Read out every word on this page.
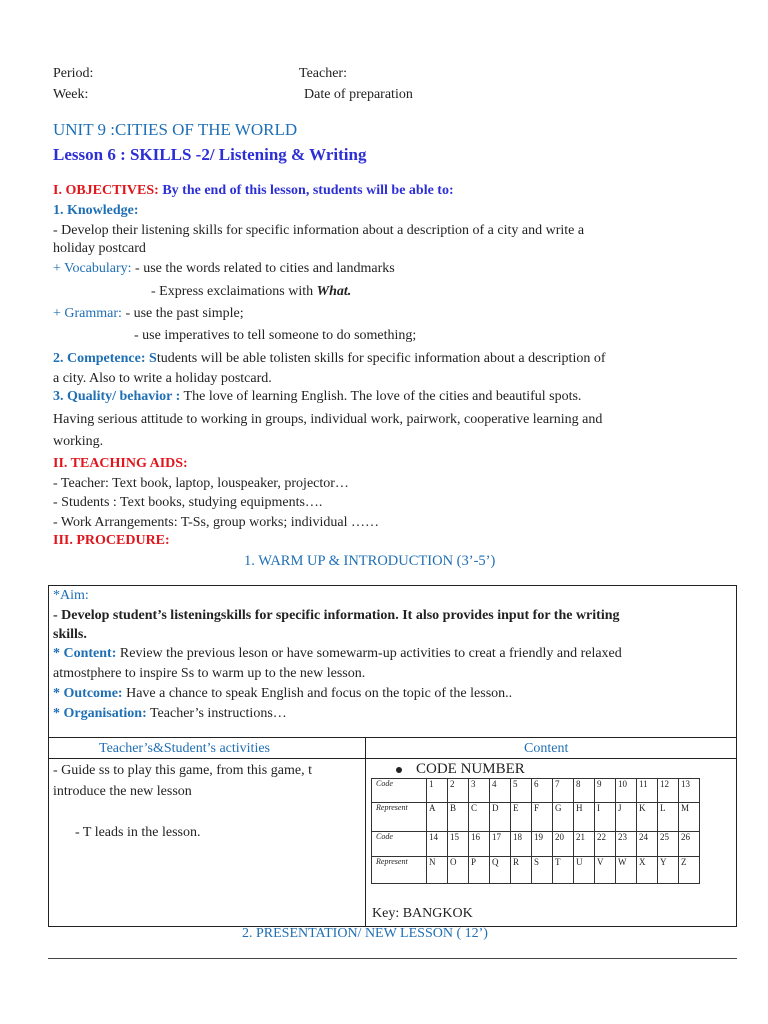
Period:	Teacher:
Week:	Date of preparation
UNIT 9 :CITIES OF THE WORLD
Lesson 6 : SKILLS -2/ Listening & Writing
I. OBJECTIVES: By the end of this lesson, students will be able to:
1. Knowledge:
- Develop their listening skills for specific information about a description of a city and write a
holiday postcard
+ Vocabulary: - use the words related to cities and landmarks
- Express exclaimations with What.
+ Grammar: - use the past simple;
- use imperatives to tell someone to do something;
2. Competence: Students will be able tolisten skills for specific information about a description of
a city. Also to write a holiday postcard.
3. Quality/ behavior : The love of learning English. The love of the cities and beautiful spots.
Having serious attitude to working in groups, individual work, pairwork, cooperative learning and
working.
II. TEACHING AIDS:
- Teacher: Text book, laptop, louspeaker, projector…
- Students : Text books, studying equipments….
- Work Arrangements: T-Ss, group works; individual ……
III. PROCEDURE:
1. WARM UP & INTRODUCTION (3’-5’)
*Aim:
- Develop student’s listeningskills for specific information. It also provides input for the writing
skills.
* Content: Review the previous leson or have somewarm-up activities to creat a friendly and relaxed
atmostphere to inspire Ss to warm up to the new lesson.
* Outcome: Have a chance to speak English and focus on the topic of the lesson..
* Organisation: Teacher’s instructions…
Teacher’s&Student’s activities	Content
- Guide ss to play this game, from this game, t
introduce the new lesson
- T leads in the lesson.
CODE NUMBER
Code	1	2	3	4	5	6	7	8	9	10	11	12	13
Represent	A	B	C	D	E	F	G	H	I	J	K	L	M
Code	14	15	16	17	18	19	20	21	22	23	24	25	26
Represent	N	O	P	Q	R	S	T	U	V	W	X	Y	Z
Key: BANGKOK
2. PRESENTATION/ NEW LESSON ( 12’)
